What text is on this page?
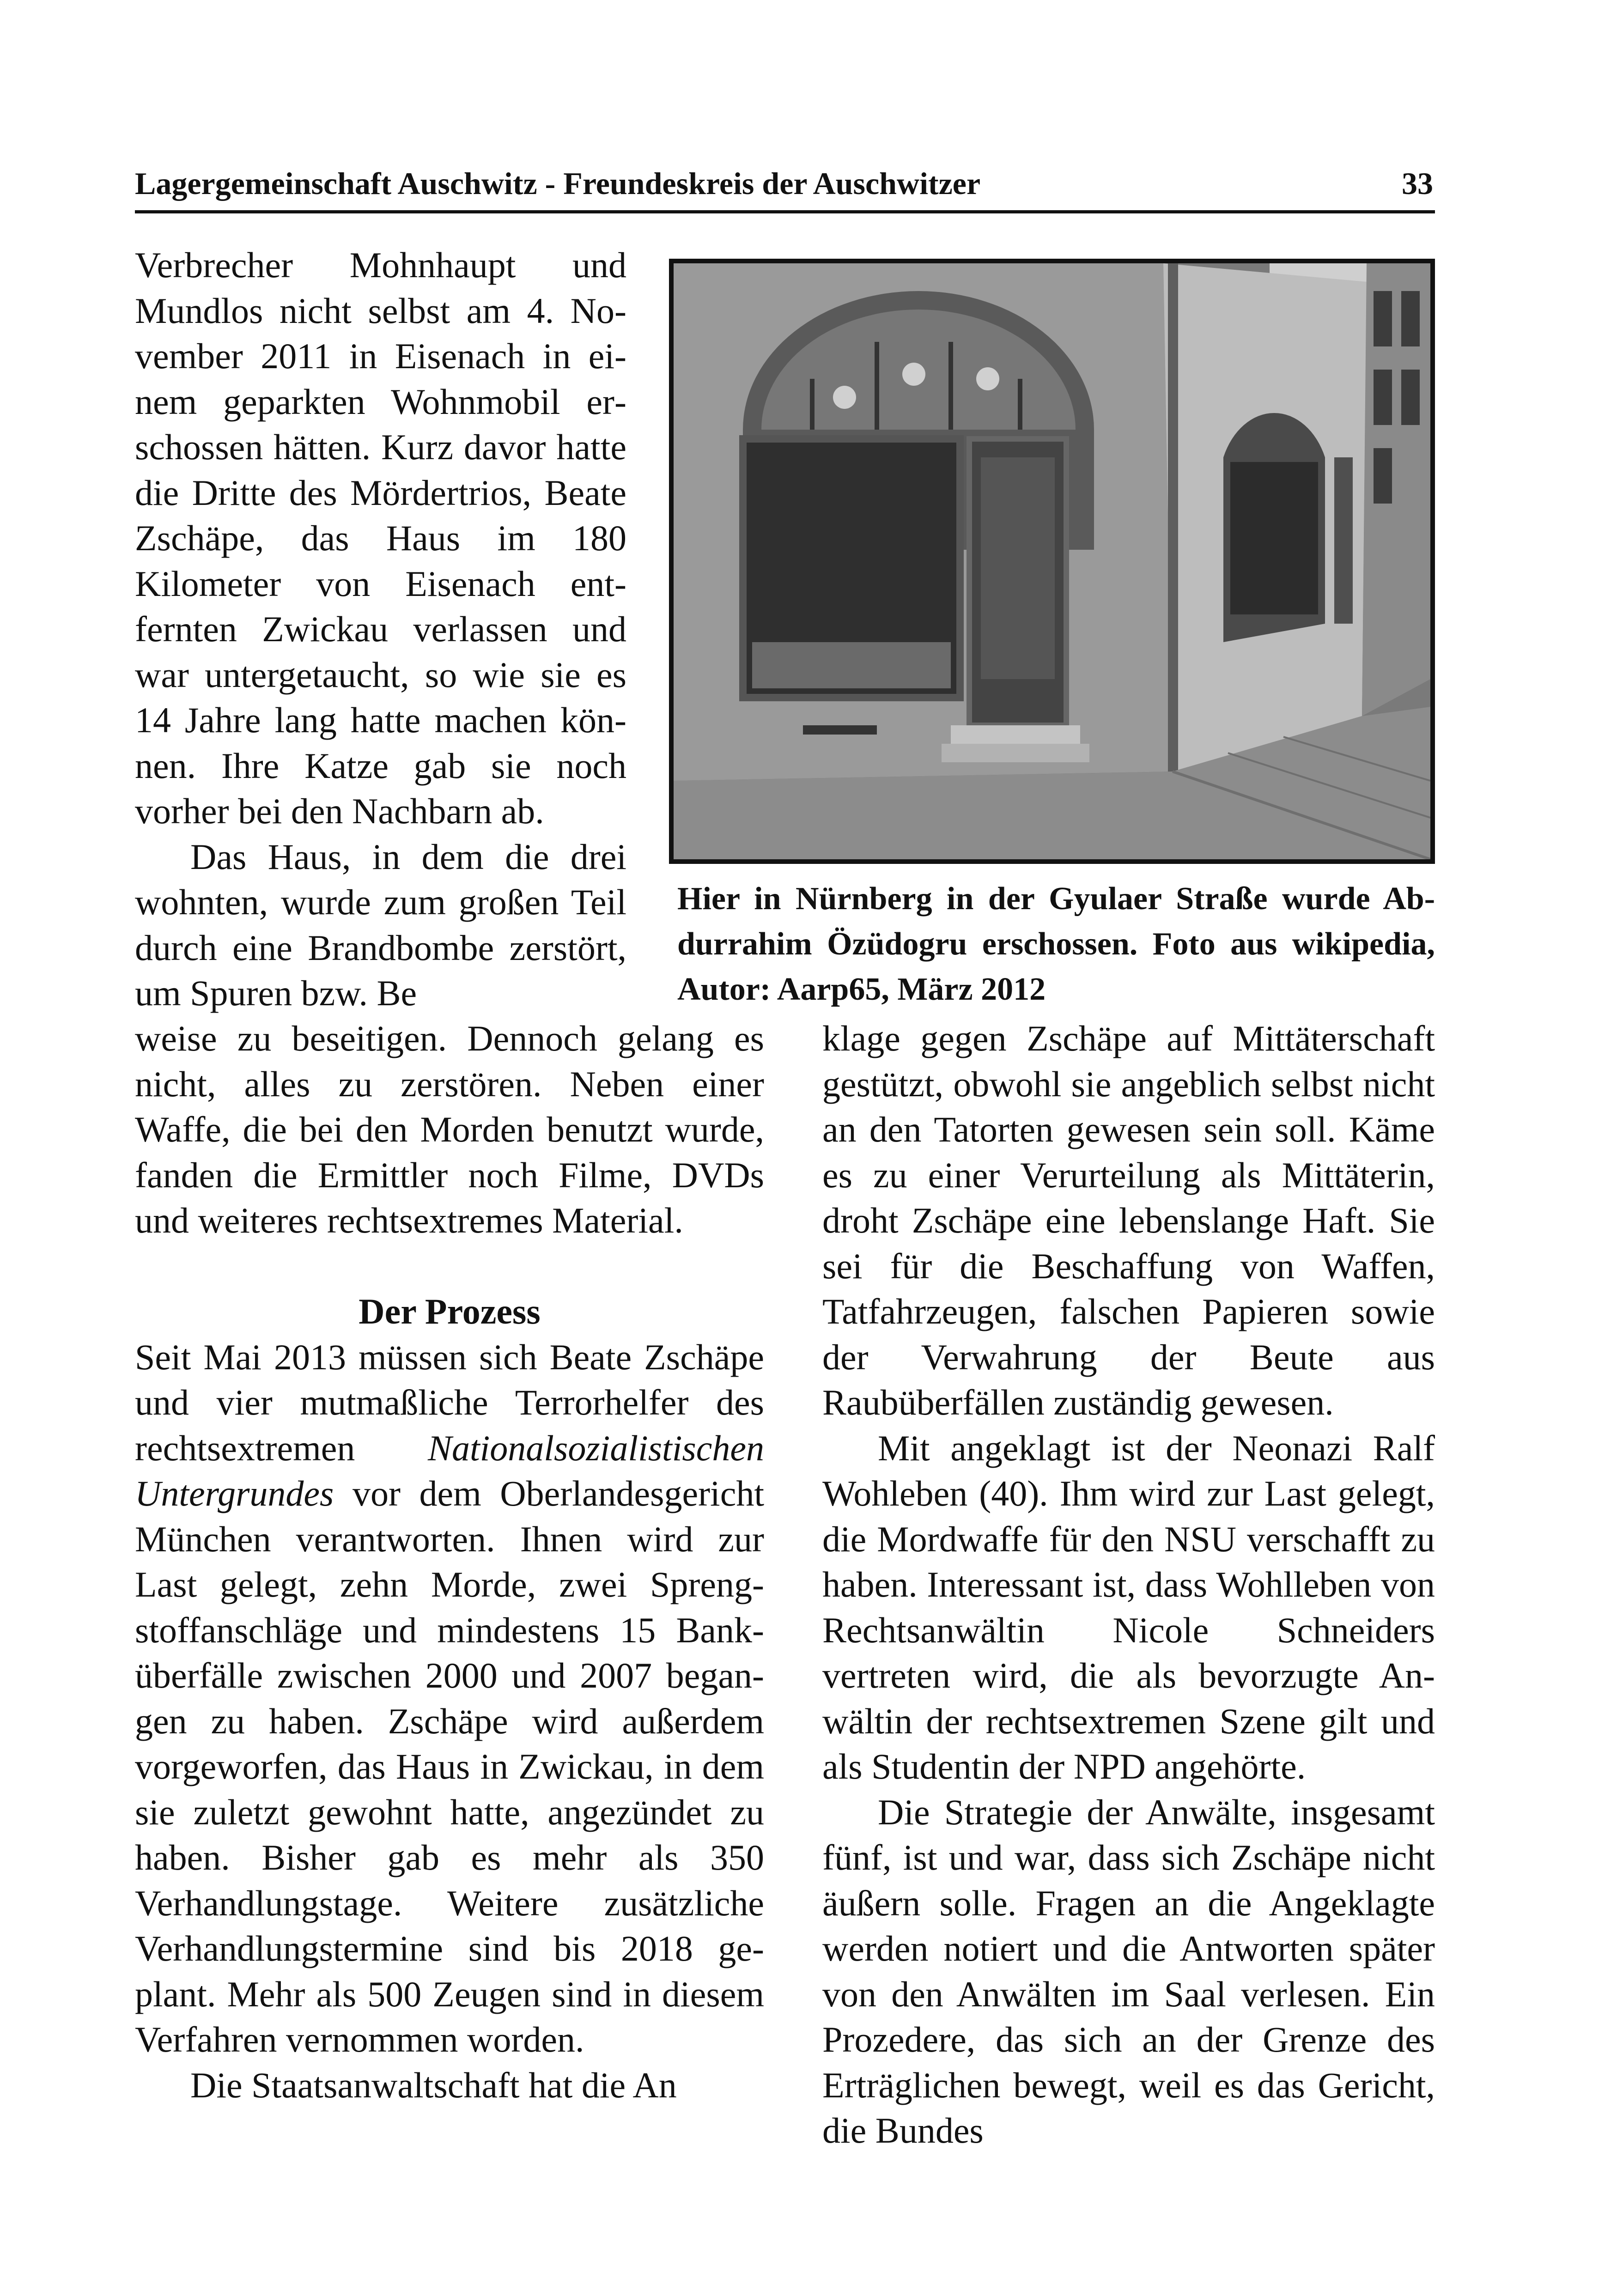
Lagergemeinschaft Auschwitz - Freundeskreis der Auschwitzer	33

Verbrecher Mohnhaupt und Mundlos nicht selbst am 4. November 2011 in Eisenach in einem geparkten Wohnmobil erschossen hätten. Kurz davor hatte die Dritte des Mördertrios, Beate Zschäpe, das Haus im 180 Kilometer von Eisenach entfernten Zwickau verlassen und war untergetaucht, so wie sie es 14 Jahre lang hatte machen können. Ihre Katze gab sie noch vorher bei den Nachbarn ab.

Das Haus, in dem die drei wohnten, wurde zum großen Teil durch eine Brandbombe zerstört, um Spuren bzw. Be

Hier in Nürnberg in der Gyulaer Straße wurde Abdurrahim Özüdogru erschossen. Foto aus wikipedia, Autor: Aarp65, März 2012

weise zu beseitigen. Dennoch gelang es nicht, alles zu zerstören. Neben einer Waffe, die bei den Morden benutzt wurde, fanden die Ermittler noch Filme, DVDs und weiteres rechtsextremes Material.

Der Prozess

Seit Mai 2013 müssen sich Beate Zschäpe und vier mutmaßliche Terrorhelfer des rechtsextremen Nationalsozialistischen Untergrundes vor dem Oberlandesgericht München verantworten. Ihnen wird zur Last gelegt, zehn Morde, zwei Sprengstoffanschläge und mindestens 15 Banküberfälle zwischen 2000 und 2007 begangen zu haben. Zschäpe wird außerdem vorgeworfen, das Haus in Zwickau, in dem sie zuletzt gewohnt hatte, angezündet zu haben. Bisher gab es mehr als 350 Verhandlungstage. Weitere zusätzliche Verhandlungstermine sind bis 2018 geplant. Mehr als 500 Zeugen sind in diesem Verfahren vernommen worden.

Die Staatsanwaltschaft hat die An

klage gegen Zschäpe auf Mittäterschaft gestützt, obwohl sie angeblich selbst nicht an den Tatorten gewesen sein soll. Käme es zu einer Verurteilung als Mittäterin, droht Zschäpe eine lebenslange Haft. Sie sei für die Beschaffung von Waffen, Tatfahrzeugen, falschen Papieren sowie der Verwahrung der Beute aus Raubüberfällen zuständig gewesen.

Mit angeklagt ist der Neonazi Ralf Wohleben (40). Ihm wird zur Last gelegt, die Mordwaffe für den NSU verschafft zu haben. Interessant ist, dass Wohlleben von Rechtsanwältin Nicole Schneiders vertreten wird, die als bevorzugte Anwältin der rechtsextremen Szene gilt und als Studentin der NPD angehörte.

Die Strategie der Anwälte, insgesamt fünf, ist und war, dass sich Zschäpe nicht äußern solle. Fragen an die Angeklagte werden notiert und die Antworten später von den Anwälten im Saal verlesen. Ein Prozedere, das sich an der Grenze des Erträglichen bewegt, weil es das Gericht, die Bundes
